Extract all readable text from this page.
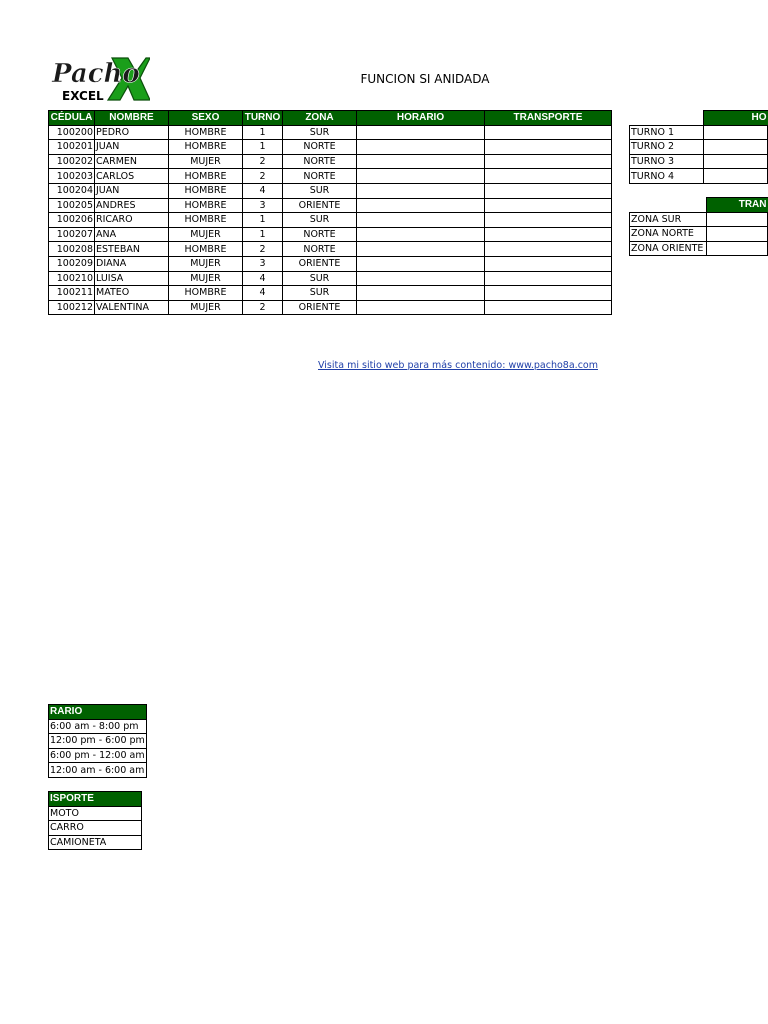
Pacho
EXCEL
FUNCION SI ANIDADA
CÉDULA	NOMBRE	SEXO	TURNO	ZONA	HORARIO	TRANSPORTE
100200	PEDRO	HOMBRE	1	SUR		
100201	JUAN	HOMBRE	1	NORTE		
100202	CARMEN	MUJER	2	NORTE		
100203	CARLOS	HOMBRE	2	NORTE		
100204	JUAN	HOMBRE	4	SUR		
100205	ANDRES	HOMBRE	3	ORIENTE		
100206	RICARO	HOMBRE	1	SUR		
100207	ANA	MUJER	1	NORTE		
100208	ESTEBAN	HOMBRE	2	NORTE		
100209	DIANA	MUJER	3	ORIENTE		
100210	LUISA	MUJER	4	SUR		
100211	MATEO	HOMBRE	4	SUR		
100212	VALENTINA	MUJER	2	ORIENTE		
	HO
TURNO 1	
TURNO 2	
TURNO 3	
TURNO 4	
	TRAN
ZONA SUR	
ZONA NORTE	
ZONA ORIENTE	
RARIO
6:00 am - 8:00 pm
12:00 pm - 6:00 pm
6:00 pm - 12:00 am
12:00 am - 6:00 am
ISPORTE
MOTO
CARRO
CAMIONETA
Visita mi sitio web para más contenido: www.pacho8a.com
